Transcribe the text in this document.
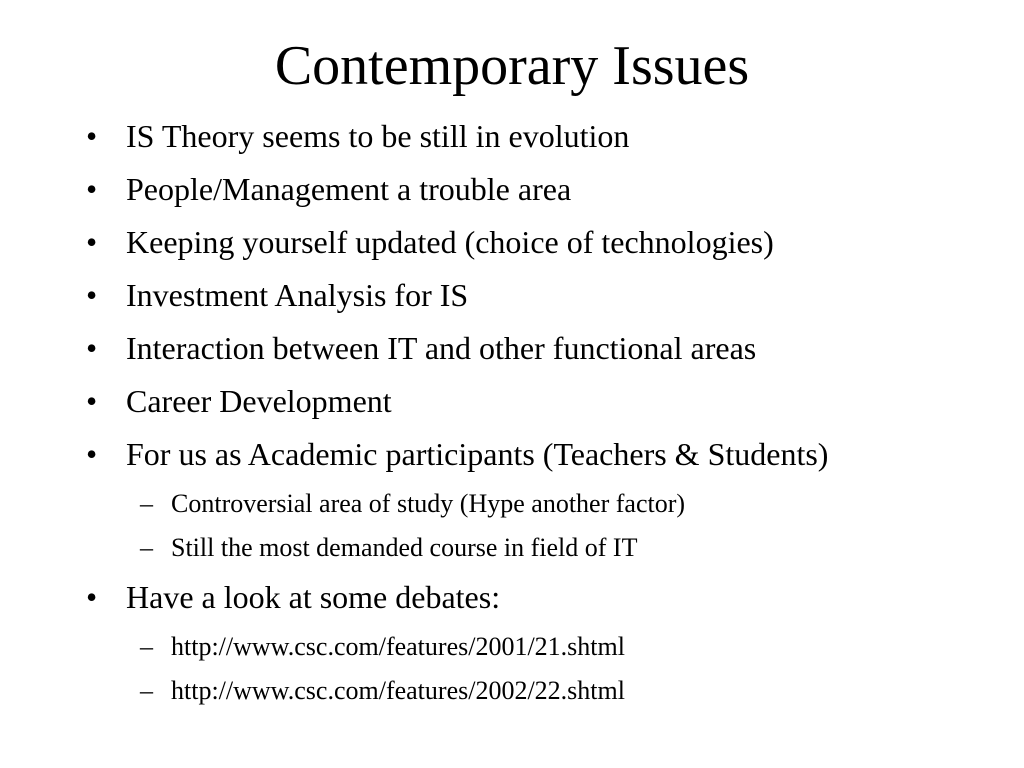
Contemporary Issues
• IS Theory seems to be still in evolution
• People/Management a trouble area
• Keeping yourself updated (choice of technologies)
• Investment Analysis for IS
• Interaction between IT and other functional areas
• Career Development
• For us as Academic participants (Teachers & Students)
– Controversial area of study (Hype another factor)
– Still the most demanded course in field of IT
• Have a look at some debates:
– http://www.csc.com/features/2001/21.shtml
– http://www.csc.com/features/2002/22.shtml
